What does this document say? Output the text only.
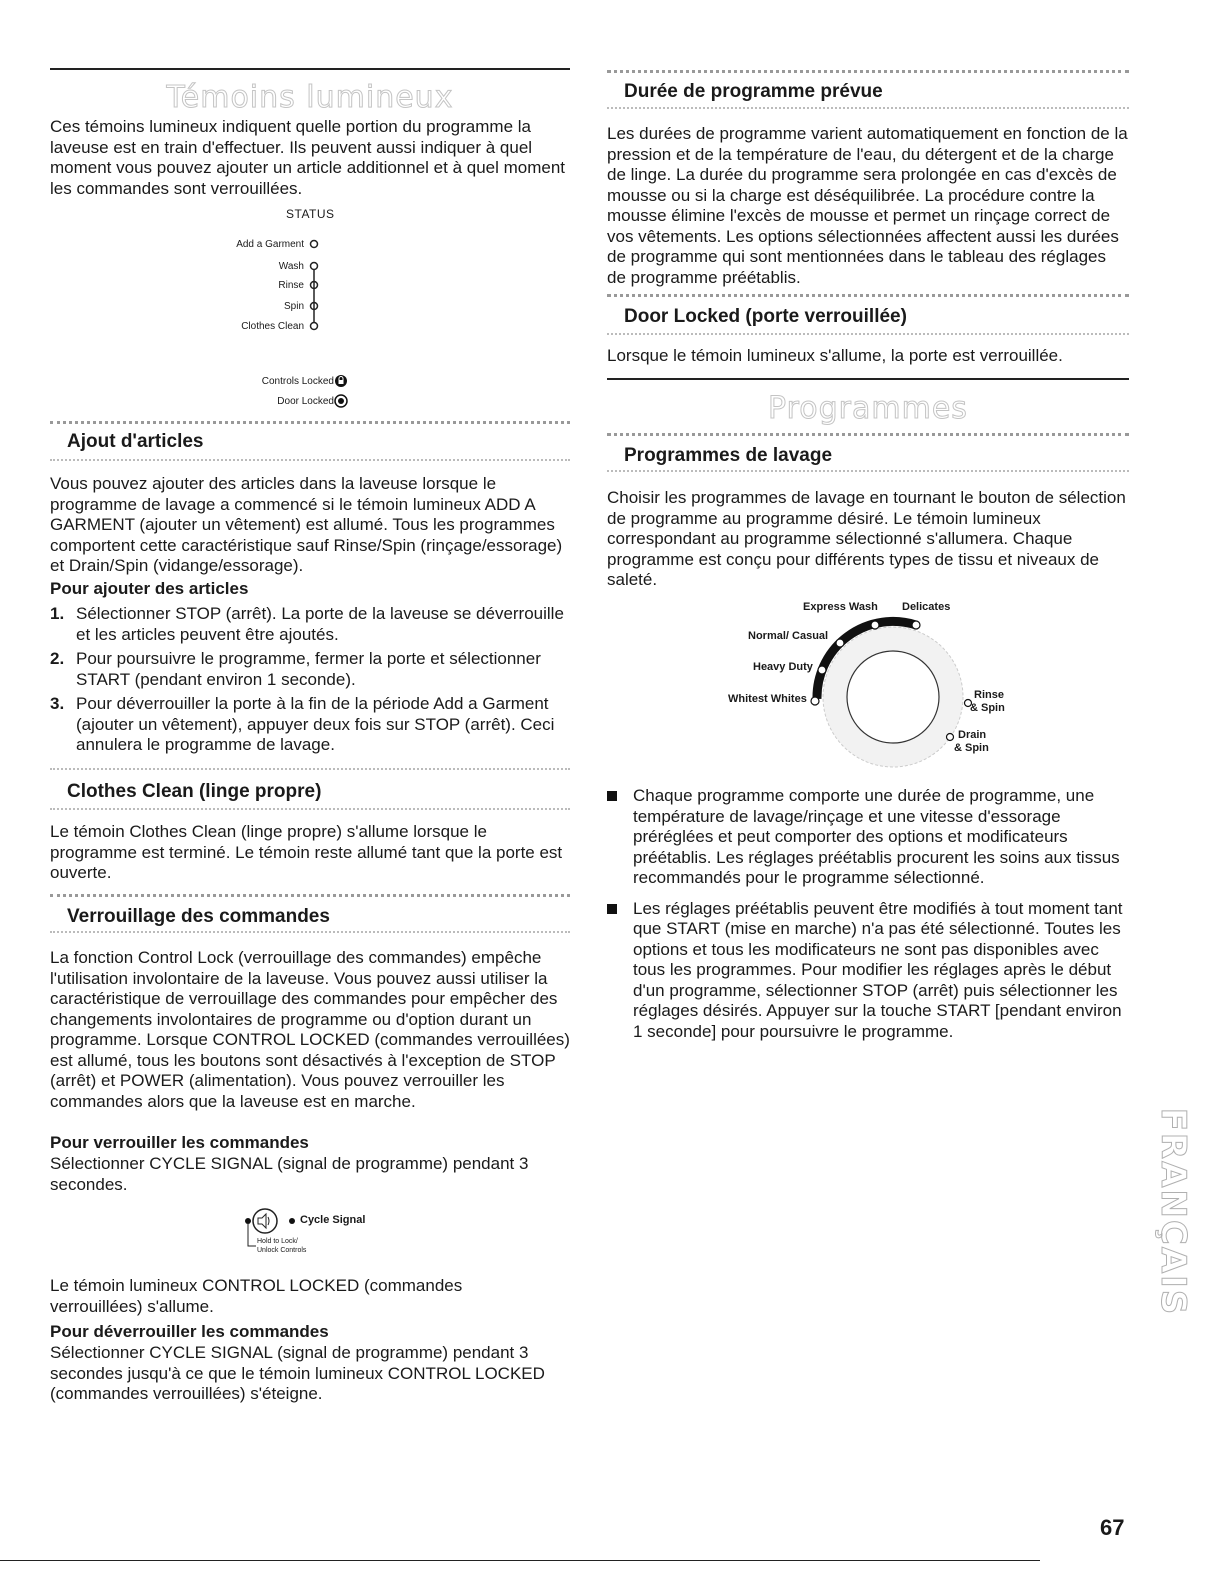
Témoins lumineux
Ces témoins lumineux indiquent quelle portion du programme la laveuse est en train d'effectuer. Ils peuvent aussi indiquer à quel moment vous pouvez ajouter un article additionnel et à quel moment les commandes sont verrouillées.
STATUS
Add a Garment
Wash
Rinse
Spin
Clothes Clean
Controls Locked
Door Locked
Ajout d'articles
Vous pouvez ajouter des articles dans la laveuse lorsque le programme de lavage a commencé si le témoin lumineux ADD A GARMENT (ajouter un vêtement) est allumé. Tous les programmes comportent cette caractéristique sauf Rinse/Spin (rinçage/essorage) et Drain/Spin (vidange/essorage).
Pour ajouter des articles
1. Sélectionner STOP (arrêt). La porte de la laveuse se déverrouille et les articles peuvent être ajoutés.
2. Pour poursuivre le programme, fermer la porte et sélectionner START (pendant environ 1 seconde).
3. Pour déverrouiller la porte à la fin de la période Add a Garment (ajouter un vêtement), appuyer deux fois sur STOP (arrêt). Ceci annulera le programme de lavage.
Clothes Clean (linge propre)
Le témoin Clothes Clean (linge propre) s'allume lorsque le programme est terminé. Le témoin reste allumé tant que la porte est ouverte.
Verrouillage des commandes
La fonction Control Lock (verrouillage des commandes) empêche l'utilisation involontaire de la laveuse. Vous pouvez aussi utiliser la caractéristique de verrouillage des commandes pour empêcher des changements involontaires de programme ou d'option durant un programme. Lorsque CONTROL LOCKED (commandes verrouillées) est allumé, tous les boutons sont désactivés à l'exception de STOP (arrêt) et POWER (alimentation). Vous pouvez verrouiller les commandes alors que la laveuse est en marche.
Pour verrouiller les commandes
Sélectionner CYCLE SIGNAL (signal de programme) pendant 3 secondes.
Cycle Signal
Hold to Lock/
Unlock Controls
Le témoin lumineux CONTROL LOCKED (commandes verrouillées) s'allume.
Pour déverrouiller les commandes
Sélectionner CYCLE SIGNAL (signal de programme) pendant 3 secondes jusqu'à ce que le témoin lumineux CONTROL LOCKED (commandes verrouillées) s'éteigne.
Durée de programme prévue
Les durées de programme varient automatiquement en fonction de la pression et de la température de l'eau, du détergent et de la charge de linge. La durée du programme sera prolongée en cas d'excès de mousse ou si la charge est déséquilibrée. La procédure contre la mousse élimine l'excès de mousse et permet un rinçage correct de vos vêtements. Les options sélectionnées affectent aussi les durées de programme qui sont mentionnées dans le tableau des réglages de programme préétablis.
Door Locked (porte verrouillée)
Lorsque le témoin lumineux s'allume, la porte est verrouillée.
Programmes
Programmes de lavage
Choisir les programmes de lavage en tournant le bouton de sélection de programme au programme désiré. Le témoin lumineux correspondant au programme sélectionné s'allumera. Chaque programme est conçu pour différents types de tissu et niveaux de saleté.
Express Wash Delicates
Normal/ Casual
Heavy Duty
Whitest Whites	Rinse
& Spin
Drain
& Spin
Chaque programme comporte une durée de programme, une température de lavage/rinçage et une vitesse d'essorage préréglées et peut comporter des options et modificateurs préétablis. Les réglages préétablis procurent les soins aux tissus recommandés pour le programme sélectionné.
Les réglages préétablis peuvent être modifiés à tout moment tant que START (mise en marche) n'a pas été sélectionné. Toutes les options et tous les modificateurs ne sont pas disponibles avec tous les programmes. Pour modifier les réglages après le début d'un programme, sélectionner STOP (arrêt) puis sélectionner les réglages désirés. Appuyer sur la touche START [pendant environ 1 seconde] pour poursuivre le programme.
FRANÇAIS
67
